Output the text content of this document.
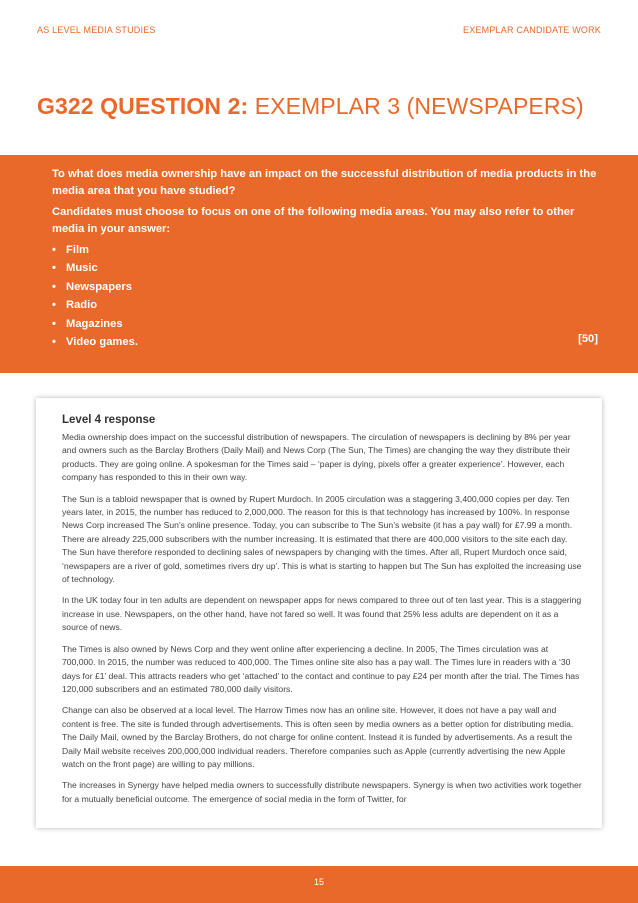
AS LEVEL MEDIA STUDIES	EXEMPLAR CANDIDATE WORK
G322 QUESTION 2: EXEMPLAR 3 (NEWSPAPERS)

To what does media ownership have an impact on the successful distribution of media products in the media area that you have studied?

Candidates must choose to focus on one of the following media areas. You may also refer to other media in your answer:

• Film
• Music
• Newspapers
• Radio
• Magazines
• Video games.	[50]
Level 4 response

Media ownership does impact on the successful distribution of newspapers. The circulation of newspapers is declining by 8% per year and owners such as the Barclay Brothers (Daily Mail) and News Corp (The Sun, The Times) are changing the way they distribute their products. They are going online. A spokesman for the Times said – ‘paper is dying, pixels offer a greater experience’. However, each company has responded to this in their own way.

The Sun is a tabloid newspaper that is owned by Rupert Murdoch. In 2005 circulation was a staggering 3,400,000 copies per day. Ten years later, in 2015, the number has reduced to 2,000,000. The reason for this is that technology has increased by 100%. In response News Corp increased The Sun’s online presence. Today, you can subscribe to The Sun’s website (it has a pay wall) for £7.99 a month. There are already 225,000 subscribers with the number increasing. It is estimated that there are 400,000 visitors to the site each day. The Sun have therefore responded to declining sales of newspapers by changing with the times. After all, Rupert Murdoch once said, ‘newspapers are a river of gold, sometimes rivers dry up’. This is what is starting to happen but The Sun has exploited the increasing use of technology.

In the UK today four in ten adults are dependent on newspaper apps for news compared to three out of ten last year. This is a staggering increase in use. Newspapers, on the other hand, have not fared so well. It was found that 25% less adults are dependent on it as a source of news.

The Times is also owned by News Corp and they went online after experiencing a decline. In 2005, The Times circulation was at 700,000. In 2015, the number was reduced to 400,000. The Times online site also has a pay wall. The Times lure in readers with a ‘30 days for £1’ deal. This attracts readers who get ‘attached’ to the contact and continue to pay £24 per month after the trial. The Times has 120,000 subscribers and an estimated 780,000 daily visitors.

Change can also be observed at a local level. The Harrow Times now has an online site. However, it does not have a pay wall and content is free. The site is funded through advertisements. This is often seen by media owners as a better option for distributing media. The Daily Mail, owned by the Barclay Brothers, do not charge for online content. Instead it is funded by advertisements. As a result the Daily Mail website receives 200,000,000 individual readers. Therefore companies such as Apple (currently advertising the new Apple watch on the front page) are willing to pay millions.

The increases in Synergy have helped media owners to successfully distribute newspapers. Synergy is when two activities work together for a mutually beneficial outcome. The emergence of social media in the form of Twitter, for

15
